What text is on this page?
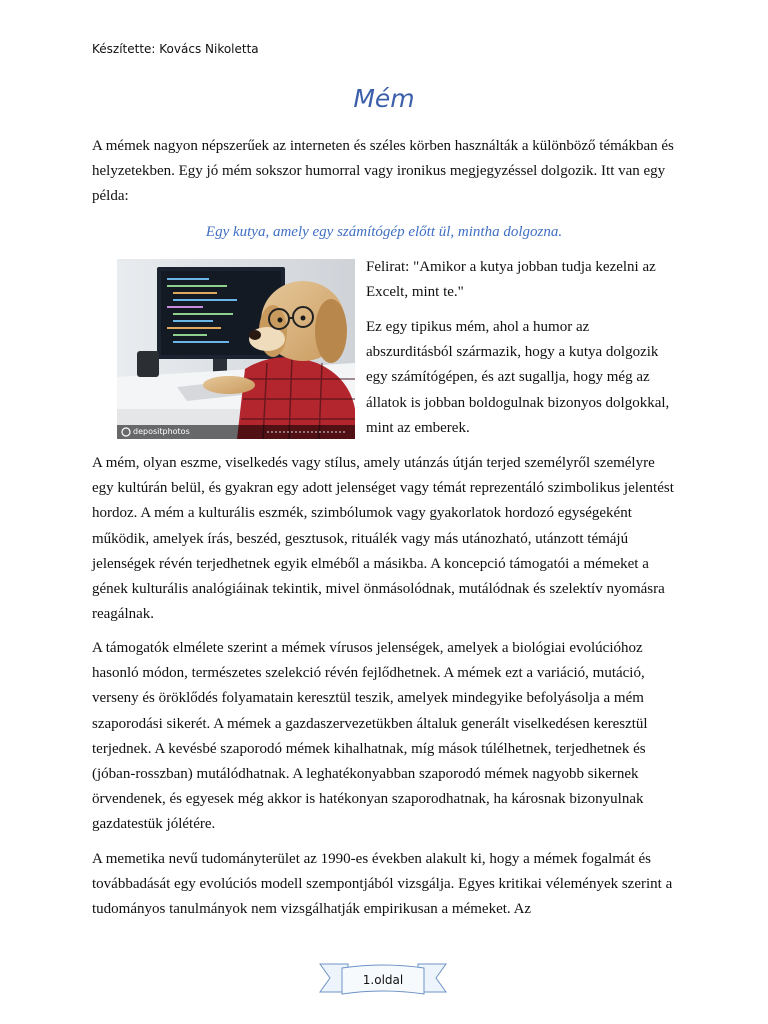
Készítette: Kovács Nikoletta
Mém

A mémek nagyon népszerűek az interneten és széles körben használták a különböző témákban és helyzetekben. Egy jó mém sokszor humorral vagy ironikus megjegyzéssel dolgozik. Itt van egy példa:

Egy kutya, amely egy számítógép előtt ül, mintha dolgozna.
depositphotos

Felirat: "Amikor a kutya jobban tudja kezelni az Excelt, mint te."

Ez egy tipikus mém, ahol a humor az abszurditásból származik, hogy a kutya dolgozik egy számítógépen, és azt sugallja, hogy még az állatok is jobban boldogulnak bizonyos dolgokkal, mint az emberek.

A mém, olyan eszme, viselkedés vagy stílus, amely utánzás útján terjed személyről személyre egy kultúrán belül, és gyakran egy adott jelenséget vagy témát reprezentáló szimbolikus jelentést hordoz. A mém a kulturális eszmék, szimbólumok vagy gyakorlatok hordozó egységeként működik, amelyek írás, beszéd, gesztusok, rituálék vagy más utánozható, utánzott témájú jelenségek révén terjedhetnek egyik elméből a másikba. A koncepció támogatói a mémeket a gének kulturális analógiáinak tekintik, mivel önmásolódnak, mutálódnak és szelektív nyomásra reagálnak.

A támogatók elmélete szerint a mémek vírusos jelenségek, amelyek a biológiai evolúcióhoz hasonló módon, természetes szelekció révén fejlődhetnek. A mémek ezt a variáció, mutáció, verseny és öröklődés folyamatain keresztül teszik, amelyek mindegyike befolyásolja a mém szaporodási sikerét. A mémek a gazdaszervezetükben általuk generált viselkedésen keresztül terjednek. A kevésbé szaporodó mémek kihalhatnak, míg mások túlélhetnek, terjedhetnek és (jóban-rosszban) mutálódhatnak. A leghatékonyabban szaporodó mémek nagyobb sikernek örvendenek, és egyesek még akkor is hatékonyan szaporodhatnak, ha károsnak bizonyulnak gazdatestük jólétére.

A memetika nevű tudományterület az 1990-es években alakult ki, hogy a mémek fogalmát és továbbadását egy evolúciós modell szempontjából vizsgálja. Egyes kritikai vélemények szerint a tudományos tanulmányok nem vizsgálhatják empirikusan a mémeket. Az

1.oldal
